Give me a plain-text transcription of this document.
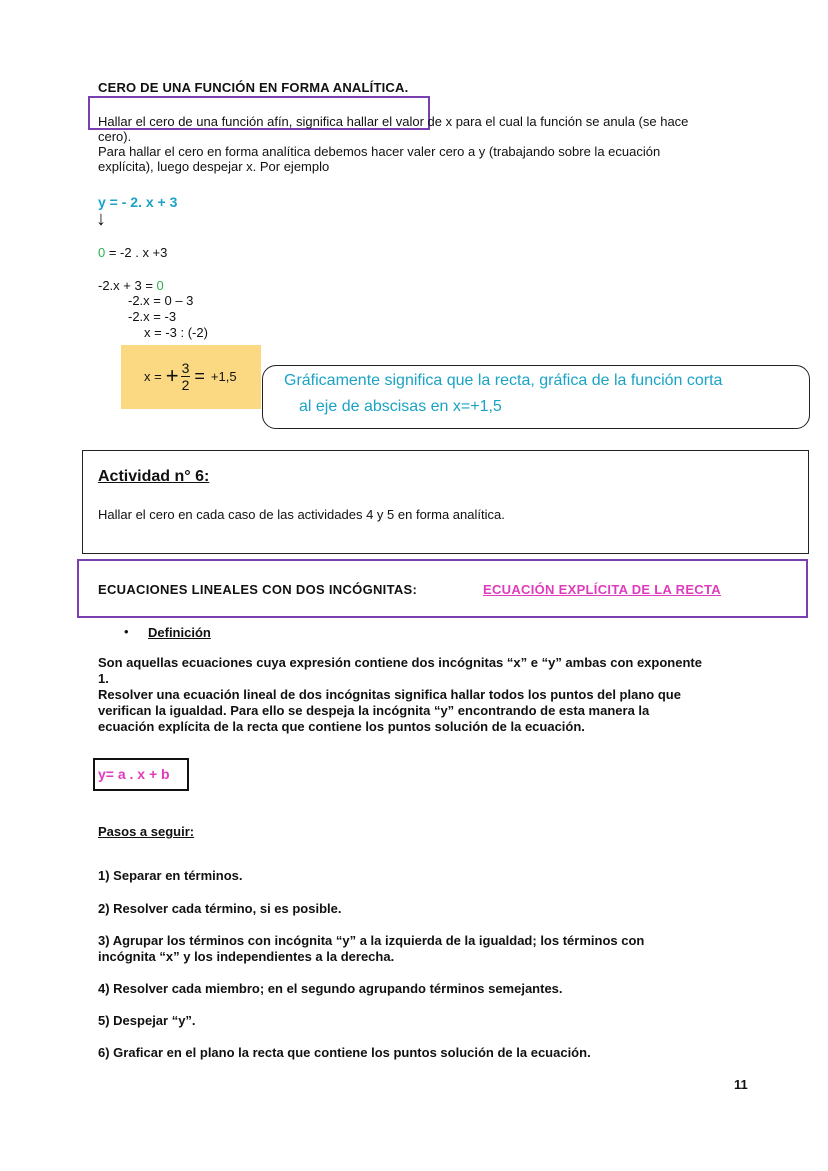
CERO DE UNA FUNCIÓN EN FORMA ANALÍTICA.
Hallar el cero de una función afín, significa hallar el valor de x para el cual la función se anula (se hace
cero).
Para hallar el cero en forma analítica debemos hacer valer cero a y (trabajando sobre la ecuación
explícita), luego despejar x. Por ejemplo
y = - 2. x + 3
↓
0 = -2 . x +3
-2.x + 3 = 0
-2.x = 0 – 3
-2.x = -3
x = -3 : (-2)
x = + $\frac{3}{2} = +1,5$	Gráficamente significa que la recta, gráfica de la función corta
al eje de abscisas en x=+1,5
Actividad n° 6:
Hallar el cero en cada caso de las actividades 4 y 5 en forma analítica.
ECUACIONES LINEALES CON DOS INCÓGNITAS:	ECUACIÓN EXPLÍCITA DE LA RECTA
• Definición
Son aquellas ecuaciones cuya expresión contiene dos incógnitas “x” e “y” ambas con exponente
1.
Resolver una ecuación lineal de dos incógnitas significa hallar todos los puntos del plano que
verifican la igualdad. Para ello se despeja la incógnita “y” encontrando de esta manera la
ecuación explícita de la recta que contiene los puntos solución de la ecuación.
y= a . x + b
Pasos a seguir:
1) Separar en términos.
2) Resolver cada término, si es posible.
3) Agrupar los términos con incógnita “y” a la izquierda de la igualdad; los términos con
incógnita “x” y los independientes a la derecha.
4) Resolver cada miembro; en el segundo agrupando términos semejantes.
5) Despejar “y”.
6) Graficar en el plano la recta que contiene los puntos solución de la ecuación.
11
